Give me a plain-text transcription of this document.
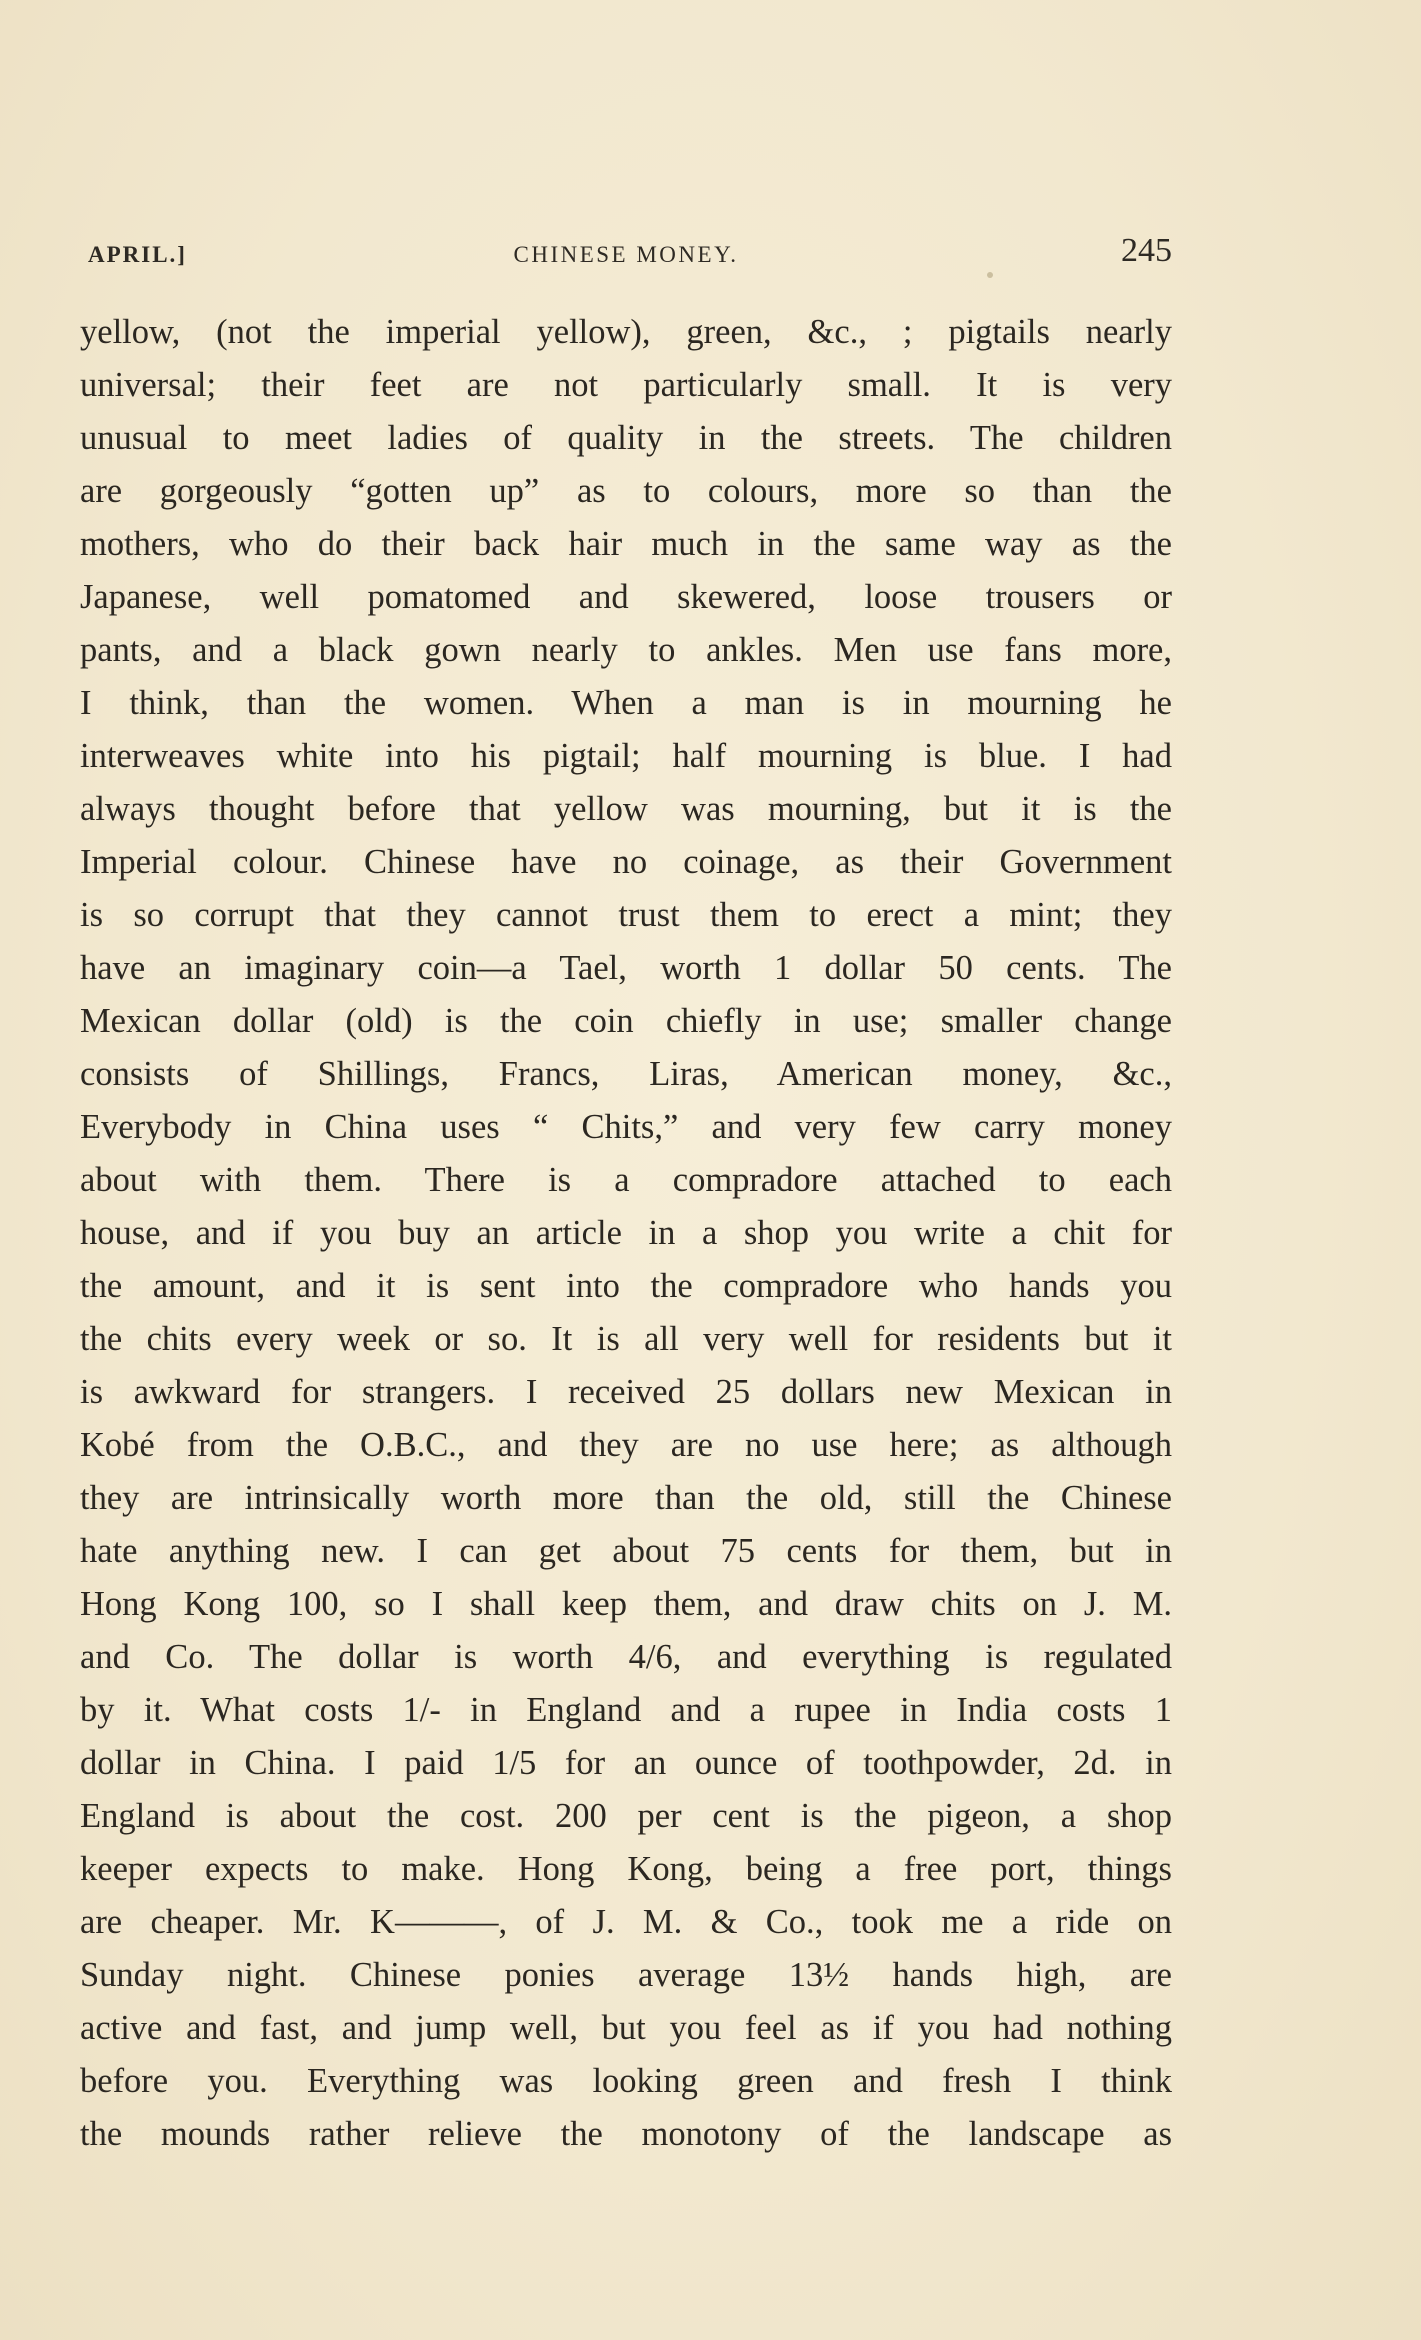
APRIL.]	CHINESE MONEY.	245
yellow, (not the imperial yellow), green, &c., ; pigtails nearly
universal; their feet are not particularly small. It is very
unusual to meet ladies of quality in the streets. The children
are gorgeously “gotten up” as to colours, more so than the
mothers, who do their back hair much in the same way as the
Japanese, well pomatomed and skewered, loose trousers or
pants, and a black gown nearly to ankles. Men use fans more,
I think, than the women. When a man is in mourning he
interweaves white into his pigtail; half mourning is blue. I had
always thought before that yellow was mourning, but it is the
Imperial colour. Chinese have no coinage, as their Government
is so corrupt that they cannot trust them to erect a mint; they
have an imaginary coin—a Tael, worth 1 dollar 50 cents. The
Mexican dollar (old) is the coin chiefly in use; smaller change
consists of Shillings, Francs, Liras, American money, &c.,
Everybody in China uses “ Chits,” and very few carry money
about with them. There is a compradore attached to each
house, and if you buy an article in a shop you write a chit for
the amount, and it is sent into the compradore who hands you
the chits every week or so. It is all very well for residents but it
is awkward for strangers. I received 25 dollars new Mexican in
Kobé from the O.B.C., and they are no use here; as although
they are intrinsically worth more than the old, still the Chinese
hate anything new. I can get about 75 cents for them, but in
Hong Kong 100, so I shall keep them, and draw chits on J. M.
and Co. The dollar is worth 4/6, and everything is regulated
by it. What costs 1/- in England and a rupee in India costs 1
dollar in China. I paid 1/5 for an ounce of toothpowder, 2d. in
England is about the cost. 200 per cent is the pigeon, a shop
keeper expects to make. Hong Kong, being a free port, things
are cheaper. Mr. K———, of J. M. & Co., took me a ride on
Sunday night. Chinese ponies average 13½ hands high, are
active and fast, and jump well, but you feel as if you had nothing
before you. Everything was looking green and fresh I think
the mounds rather relieve the monotony of the landscape as
